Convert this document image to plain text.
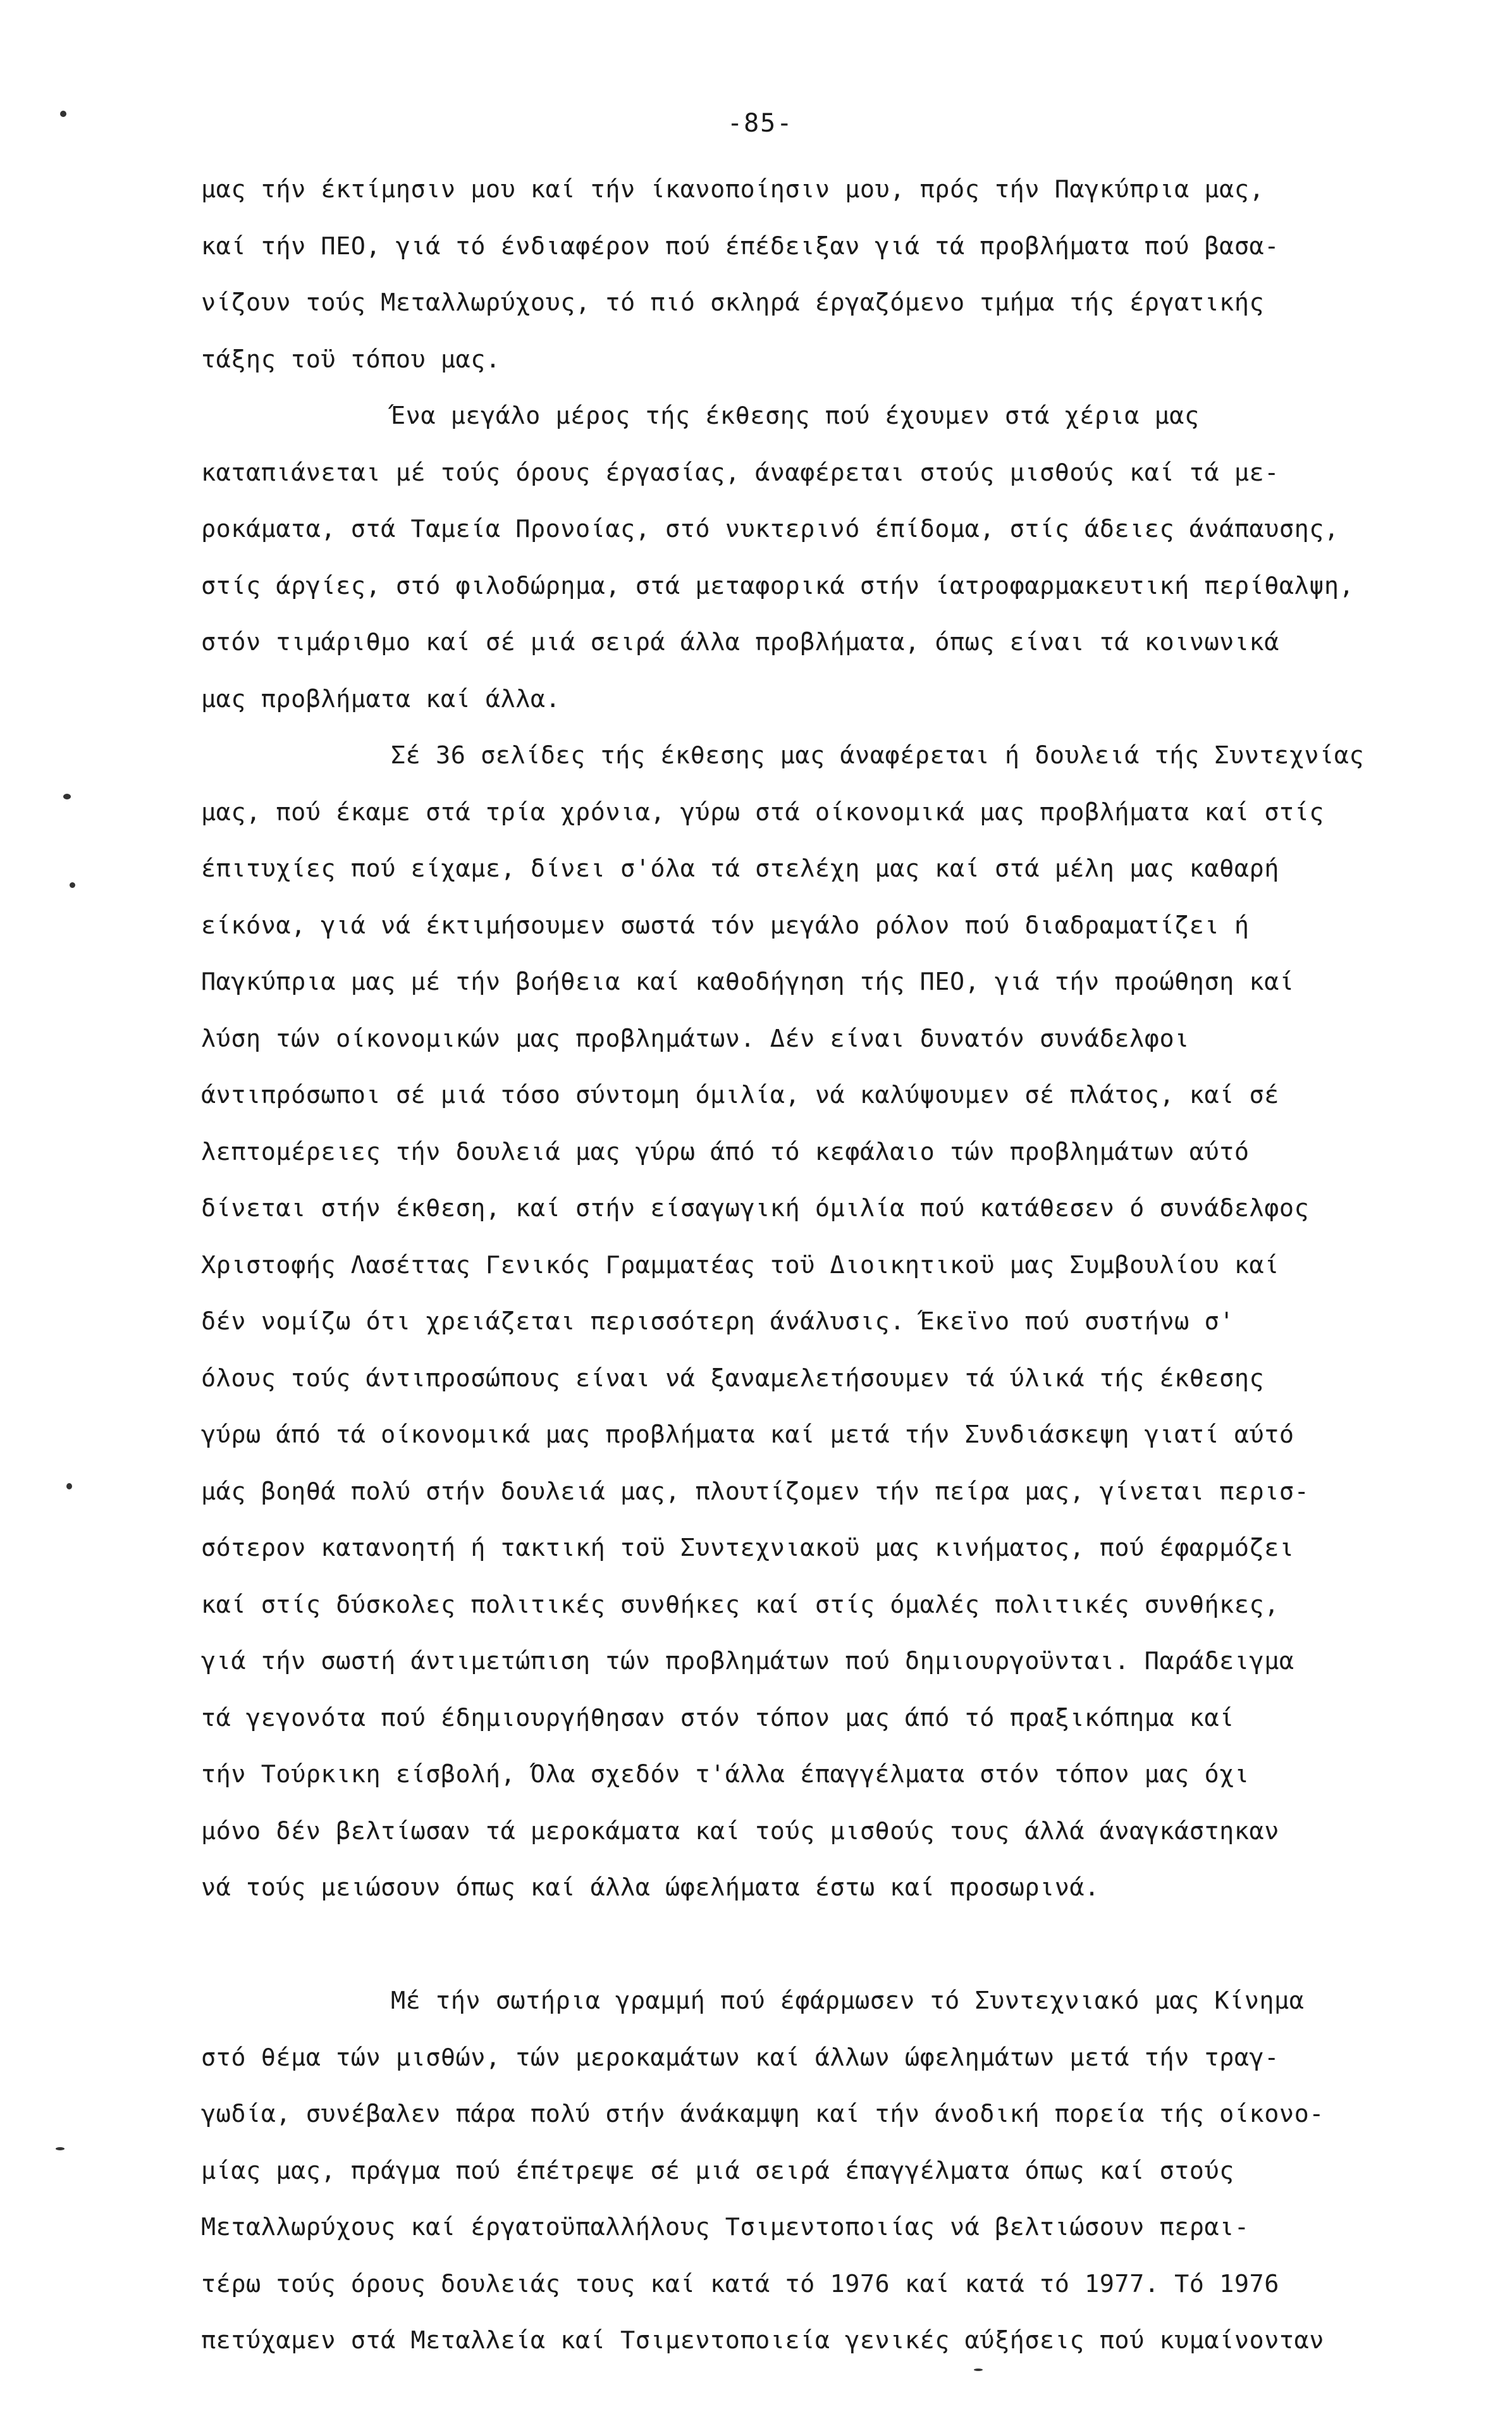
-85-
μας τήν έκτίμησιν μου καί τήν ίκανοποίησιν μου, πρός τήν Παγκύπρια μας,
καί τήν ΠΕΟ, γιά τό ένδιαφέρον πού έπέδειξαν γιά τά προβλήματα πού βασα-
νίζουν τούς Μεταλλωρύχους, τό πιό σκληρά έργαζόμενο τμήμα τής έργατικής
τάξης τοϋ τόπου μας.
Ένα μεγάλο μέρος τής έκθεσης πού έχουμεν στά χέρια μας
καταπιάνεται μέ τούς όρους έργασίας, άναφέρεται στούς μισθούς καί τά με-
ροκάματα, στά Ταμεία Προνοίας, στό νυκτερινό έπίδομα, στίς άδειες άνάπαυσης,
στίς άργίες, στό φιλοδώρημα, στά μεταφορικά στήν ίατροφαρμακευτική περίθαλψη,
στόν τιμάριθμο καί σέ μιά σειρά άλλα προβλήματα, όπως είναι τά κοινωνικά
μας προβλήματα καί άλλα.
Σέ 36 σελίδες τής έκθεσης μας άναφέρεται ή δουλειά τής Συντεχνίας
μας, πού έκαμε στά τρία χρόνια, γύρω στά οίκονομικά μας προβλήματα καί στίς
έπιτυχίες πού είχαμε, δίνει σ'όλα τά στελέχη μας καί στά μέλη μας καθαρή
είκόνα, γιά νά έκτιμήσουμεν σωστά τόν μεγάλο ρόλον πού διαδραματίζει ή
Παγκύπρια μας μέ τήν βοήθεια καί καθοδήγηση τής ΠΕΟ, γιά τήν προώθηση καί
λύση τών οίκονομικών μας προβλημάτων. Δέν είναι δυνατόν συνάδελφοι
άντιπρόσωποι σέ μιά τόσο σύντομη όμιλία, νά καλύψουμεν σέ πλάτος, καί σέ
λεπτομέρειες τήν δουλειά μας γύρω άπό τό κεφάλαιο τών προβλημάτων αύτό
δίνεται στήν έκθεση, καί στήν είσαγωγική όμιλία πού κατάθεσεν ό συνάδελφος
Χριστοφής Λασέττας Γενικός Γραμματέας τοϋ Διοικητικοϋ μας Συμβουλίου καί
δέν νομίζω ότι χρειάζεται περισσότερη άνάλυσις. Έκεϊνο πού συστήνω σ'
όλους τούς άντιπροσώπους είναι νά ξαναμελετήσουμεν τά ύλικά τής έκθεσης
γύρω άπό τά οίκονομικά μας προβλήματα καί μετά τήν Συνδιάσκεψη γιατί αύτό
μάς βοηθά πολύ στήν δουλειά μας, πλουτίζομεν τήν πείρα μας, γίνεται περισ-
σότερον κατανοητή ή τακτική τοϋ Συντεχνιακοϋ μας κινήματος, πού έφαρμόζει
καί στίς δύσκολες πολιτικές συνθήκες καί στίς όμαλές πολιτικές συνθήκες,
γιά τήν σωστή άντιμετώπιση τών προβλημάτων πού δημιουργοϋνται. Παράδειγμα
τά γεγονότα πού έδημιουργήθησαν στόν τόπον μας άπό τό πραξικόπημα καί
τήν Τούρκικη είσβολή, Όλα σχεδόν τ'άλλα έπαγγέλματα στόν τόπον μας όχι
μόνο δέν βελτίωσαν τά μεροκάματα καί τούς μισθούς τους άλλά άναγκάστηκαν
νά τούς μειώσουν όπως καί άλλα ώφελήματα έστω καί προσωρινά.
Μέ τήν σωτήρια γραμμή πού έφάρμωσεν τό Συντεχνιακό μας Κίνημα
στό θέμα τών μισθών, τών μεροκαμάτων καί άλλων ώφελημάτων μετά τήν τραγ-
γωδία, συνέβαλεν πάρα πολύ στήν άνάκαμψη καί τήν άνοδική πορεία τής οίκονο-
μίας μας, πράγμα πού έπέτρεψε σέ μιά σειρά έπαγγέλματα όπως καί στούς
Μεταλλωρύχους καί έργατοϋπαλλήλους Τσιμεντοποιίας νά βελτιώσουν περαι-
τέρω τούς όρους δουλειάς τους καί κατά τό 1976 καί κατά τό 1977. Τό 1976
πετύχαμεν στά Μεταλλεία καί Τσιμεντοποιεία γενικές αύξήσεις πού κυμαίνονταν
